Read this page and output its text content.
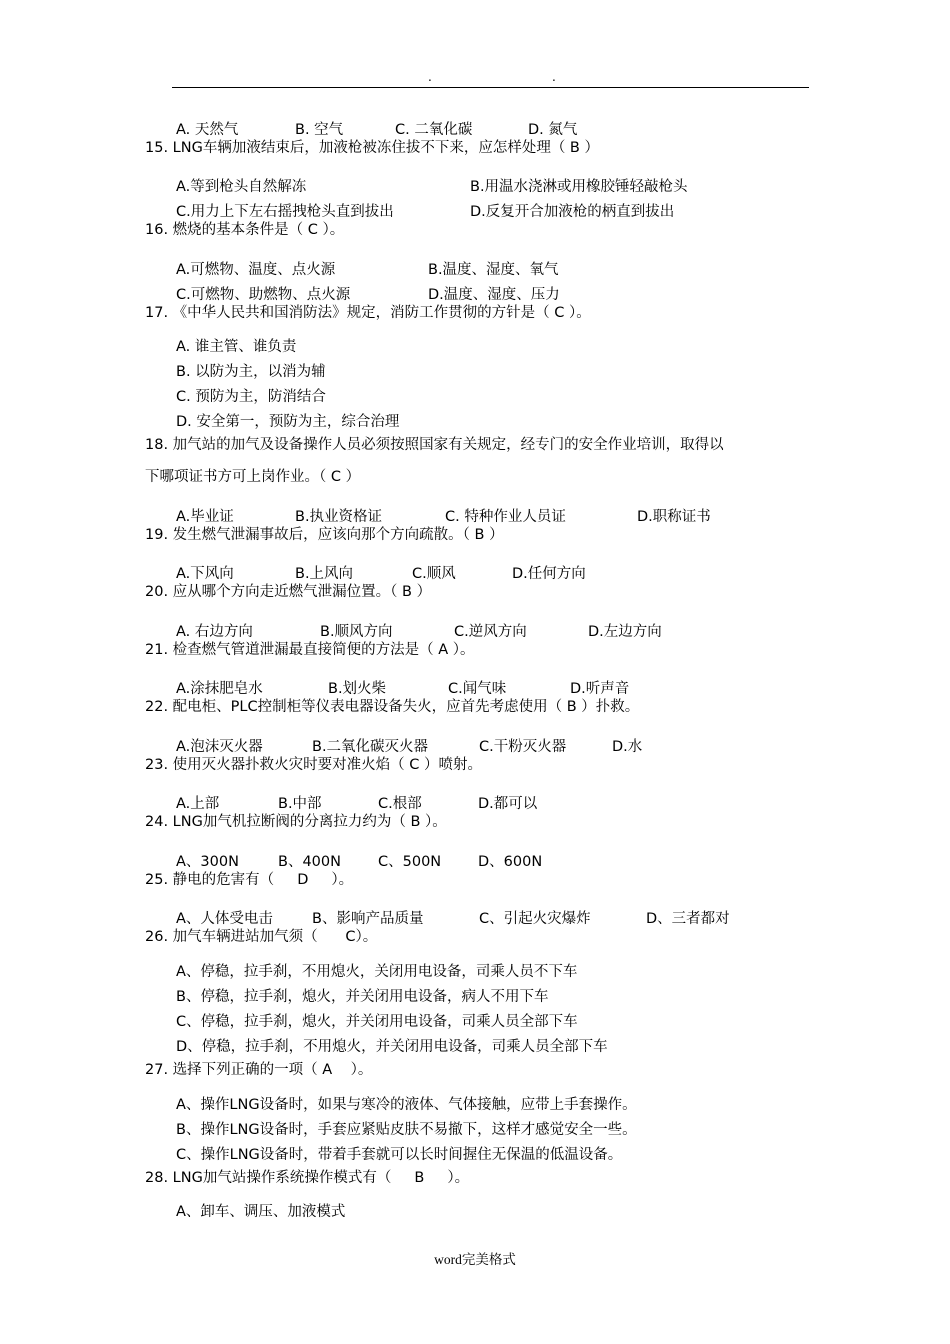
.	.
A. 天然气	B. 空气	C. 二氧化碳	D. 氮气
15. LNG车辆加液结束后，加液枪被冻住拔不下来，应怎样处理（ B ）
A.等到枪头自然解冻	B.用温水浇淋或用橡胶锤轻敲枪头
C.用力上下左右摇拽枪头直到拔出	D.反复开合加液枪的柄直到拔出
16. 燃烧的基本条件是（ C ）。
A.可燃物、温度、点火源	B.温度、湿度、氧气
C.可燃物、助燃物、点火源	D.温度、湿度、压力
17. 《中华人民共和国消防法》规定，消防工作贯彻的方针是（ C ）。
A. 谁主管、谁负责
B. 以防为主，以消为辅
C. 预防为主，防消结合
D. 安全第一，预防为主，综合治理
18. 加气站的加气及设备操作人员必须按照国家有关规定，经专门的安全作业培训，取得以
下哪项证书方可上岗作业。（ C ）
A.毕业证	B.执业资格证	C. 特种作业人员证	D.职称证书
19. 发生燃气泄漏事故后，应该向那个方向疏散。（ B ）
A.下风向	B.上风向	C.顺风	D.任何方向
20. 应从哪个方向走近燃气泄漏位置。（ B ）
A. 右边方向	B.顺风方向	C.逆风方向	D.左边方向
21. 检查燃气管道泄漏最直接简便的方法是（ A ）。
A.涂抹肥皂水	B.划火柴	C.闻气味	D.听声音
22. 配电柜、PLC控制柜等仪表电器设备失火，应首先考虑使用（ B ）扑救。
A.泡沫灭火器	B.二氧化碳灭火器	C.干粉灭火器	D.水
23. 使用灭火器扑救火灾时要对准火焰（ C ）喷射。
A.上部	B.中部	C.根部	D.都可以
24. LNG加气机拉断阀的分离拉力约为（ B ）。
A、300N	B、400N	C、500N	D、600N
25. 静电的危害有（     D     ）。
A、人体受电击	B、影响产品质量	C、引起火灾爆炸	D、三者都对
26. 加气车辆进站加气须（      C）。
A、停稳，拉手刹，不用熄火，关闭用电设备，司乘人员不下车
B、停稳，拉手刹，熄火，并关闭用电设备，病人不用下车
C、停稳，拉手刹，熄火，并关闭用电设备，司乘人员全部下车
D、停稳，拉手刹，不用熄火，并关闭用电设备，司乘人员全部下车
27. 选择下列正确的一项（ A    ）。
A、操作LNG设备时，如果与寒冷的液体、气体接触，应带上手套操作。
B、操作LNG设备时，手套应紧贴皮肤不易撤下，这样才感觉安全一些。
C、操作LNG设备时，带着手套就可以长时间握住无保温的低温设备。
28. LNG加气站操作系统操作模式有（     B     ）。
A、卸车、调压、加液模式
word完美格式
